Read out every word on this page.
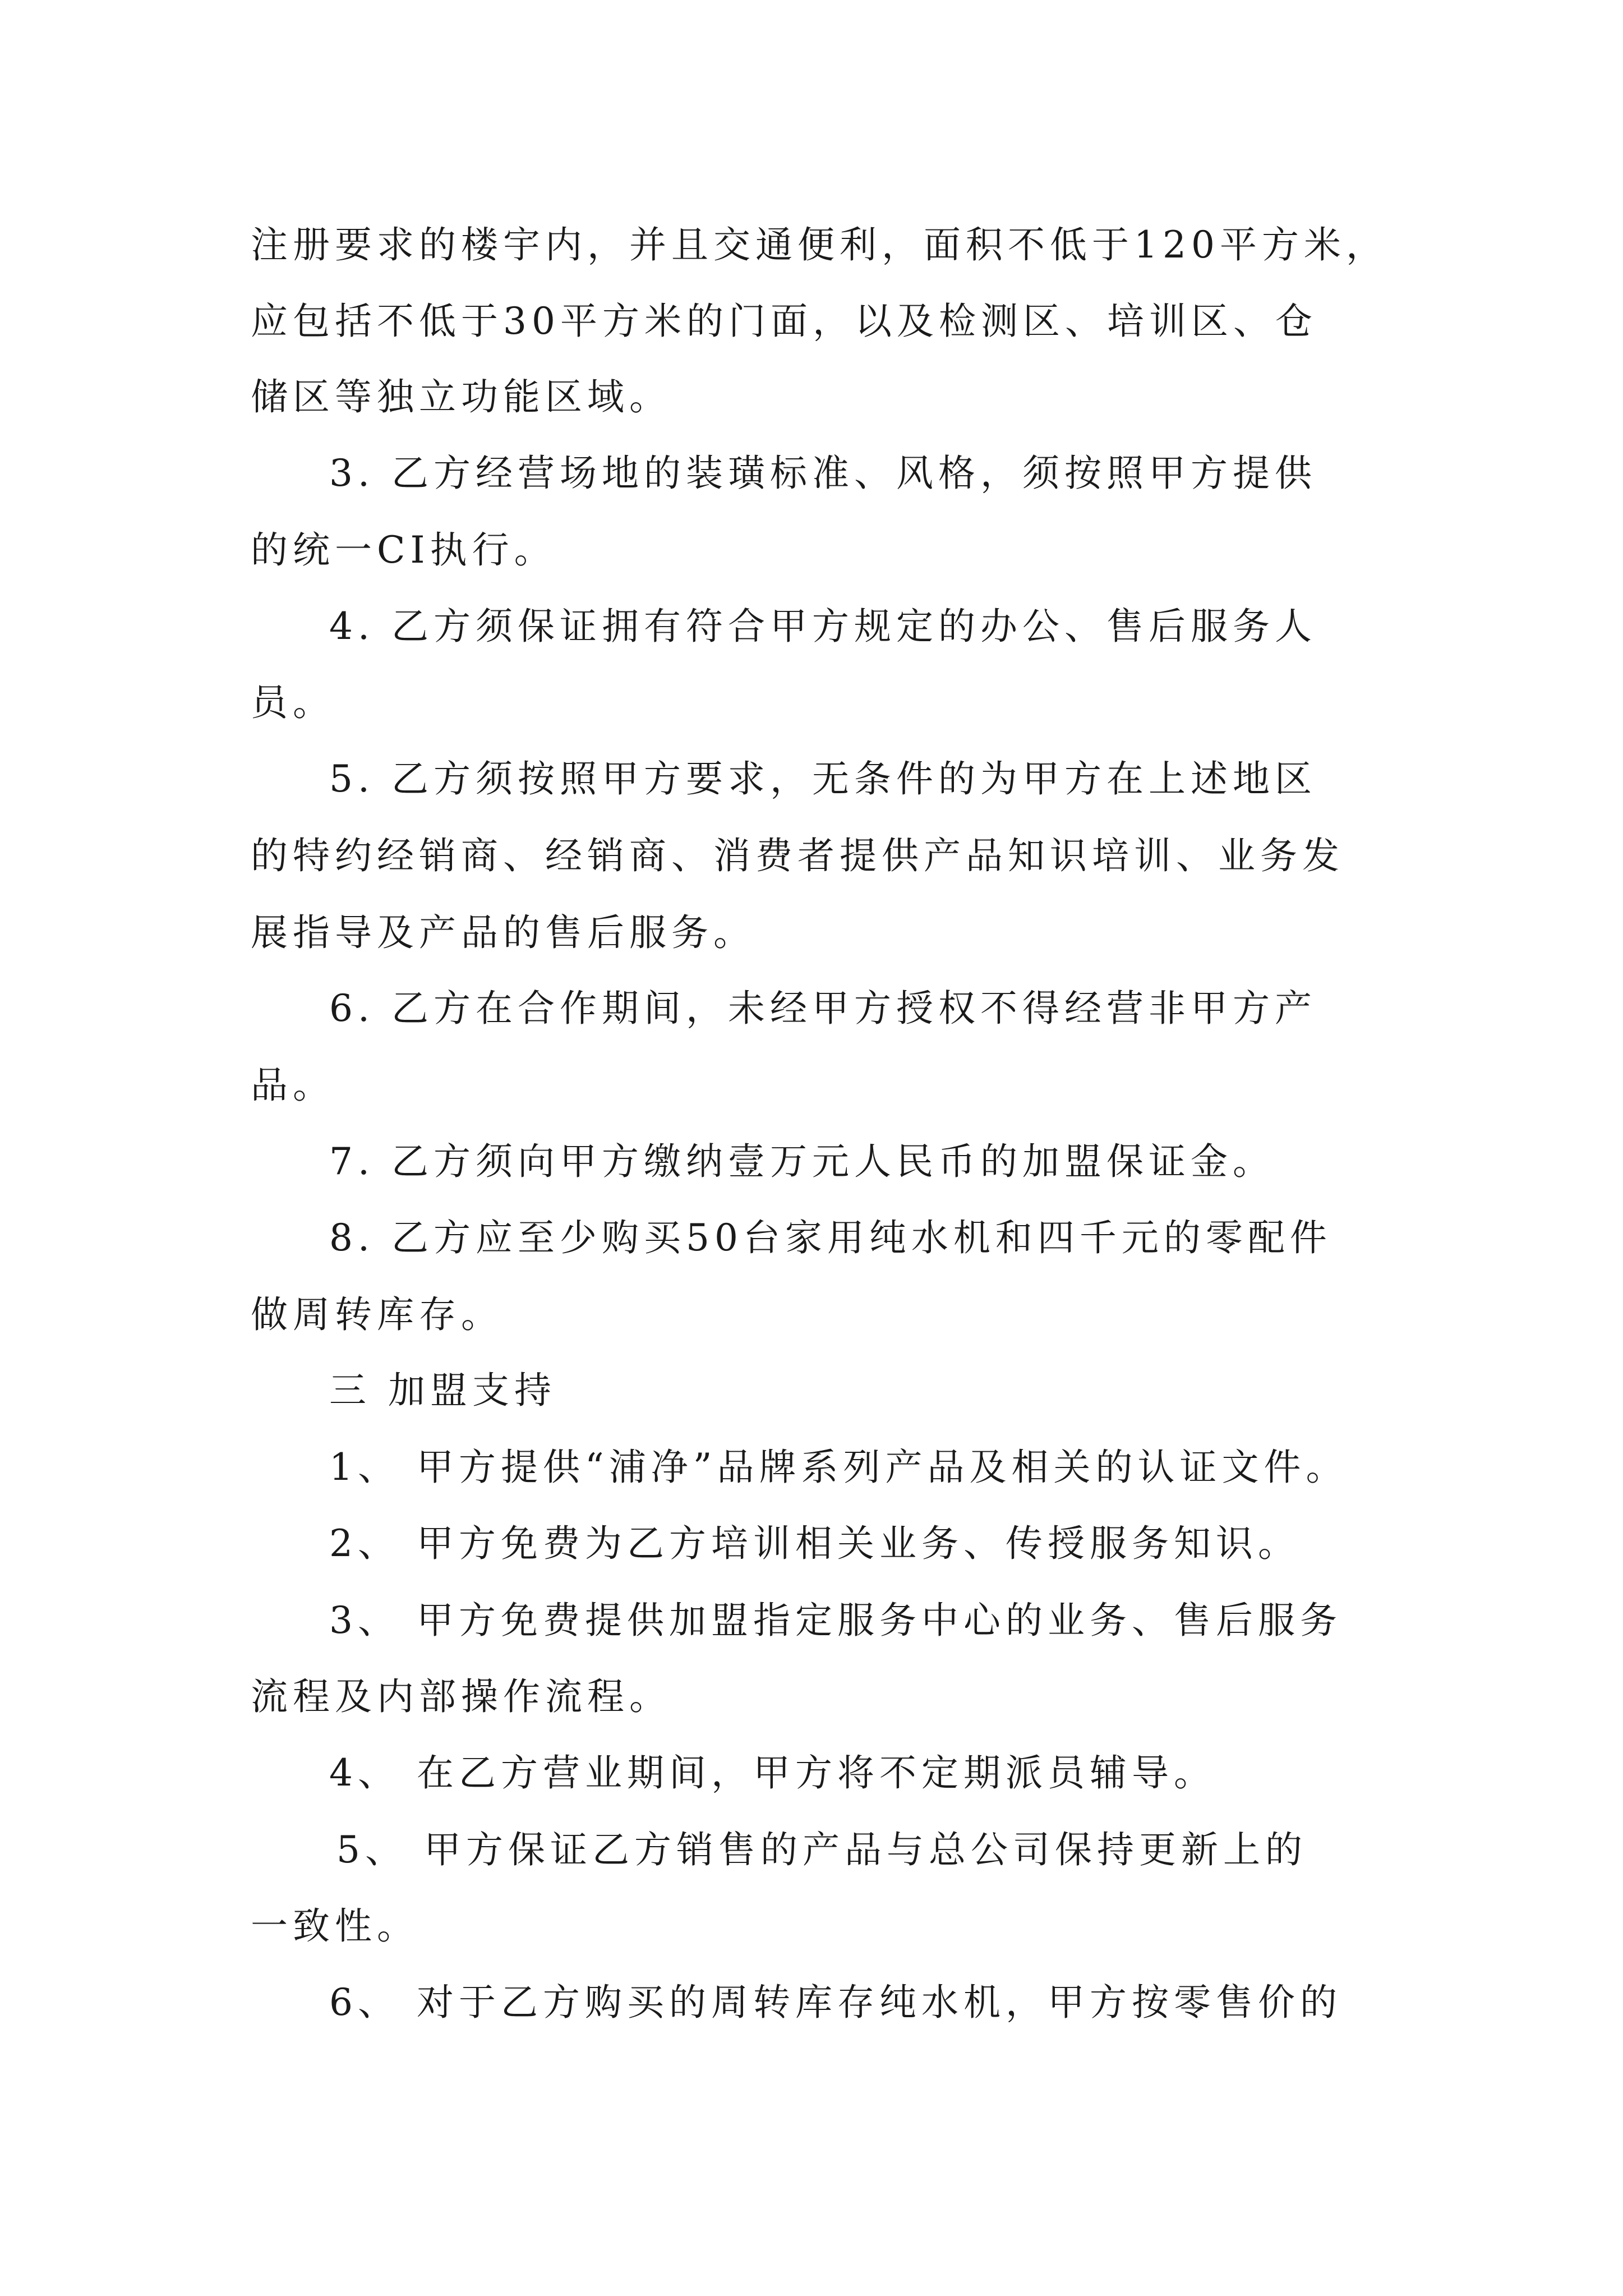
注册要求的楼宇内，并且交通便利，面积不低于120平方米，
应包括不低于30平方米的门面，以及检测区、培训区、仓
储区等独立功能区域。
3. 乙方经营场地的装璜标准、风格，须按照甲方提供
的统一CI执行。
4. 乙方须保证拥有符合甲方规定的办公、售后服务人
员。
5. 乙方须按照甲方要求，无条件的为甲方在上述地区
的特约经销商、经销商、消费者提供产品知识培训、业务发
展指导及产品的售后服务。
6. 乙方在合作期间，未经甲方授权不得经营非甲方产
品。
7. 乙方须向甲方缴纳壹万元人民币的加盟保证金。
8. 乙方应至少购买50台家用纯水机和四千元的零配件
做周转库存。
三 加盟支持
1、 甲方提供“浦净”品牌系列产品及相关的认证文件。
2、 甲方免费为乙方培训相关业务、传授服务知识。
3、 甲方免费提供加盟指定服务中心的业务、售后服务
流程及内部操作流程。
4、 在乙方营业期间，甲方将不定期派员辅导。
5、 甲方保证乙方销售的产品与总公司保持更新上的
一致性。
6、 对于乙方购买的周转库存纯水机，甲方按零售价的
